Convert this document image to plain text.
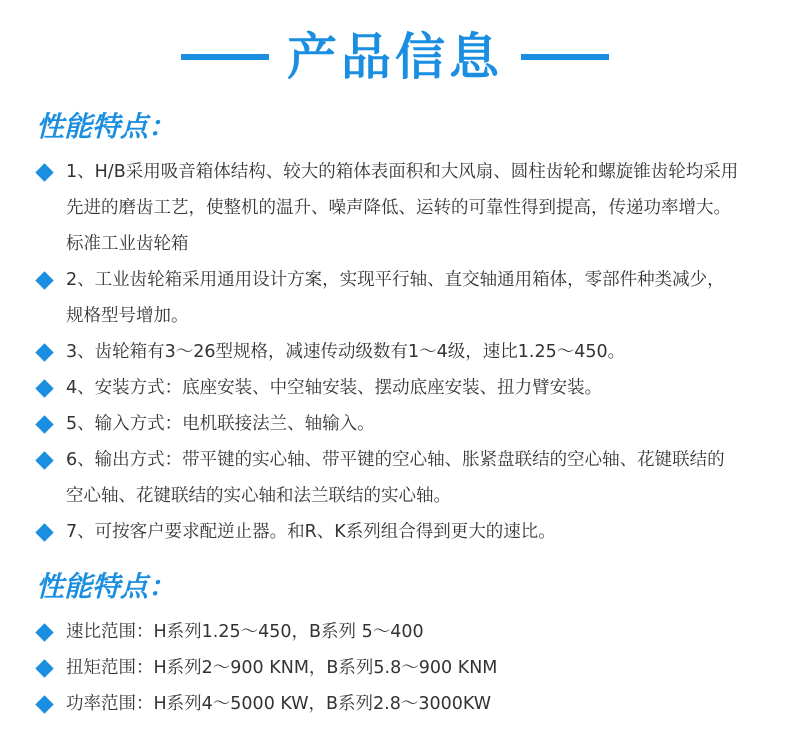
产品信息
性能特点：
1、H/B采用吸音箱体结构、较大的箱体表面积和大风扇、圆柱齿轮和螺旋锥齿轮均采用先进的磨齿工艺，使整机的温升、噪声降低、运转的可靠性得到提高，传递功率增大。标准工业齿轮箱
2、工业齿轮箱采用通用设计方案，实现平行轴、直交轴通用箱体，零部件种类减少，规格型号增加。
3、齿轮箱有3～26型规格，减速传动级数有1～4级，速比1.25～450。
4、安装方式：底座安装、中空轴安装、摆动底座安装、扭力臂安装。
5、输入方式：电机联接法兰、轴输入。
6、输出方式：带平键的实心轴、带平键的空心轴、胀紧盘联结的空心轴、花键联结的空心轴、花键联结的实心轴和法兰联结的实心轴。
7、可按客户要求配逆止器。和R、K系列组合得到更大的速比。
性能特点：
速比范围：H系列1.25～450，B系列 5～400
扭矩范围：H系列2～900 KNM，B系列5.8～900 KNM
功率范围：H系列4～5000 KW，B系列2.8～3000KW
